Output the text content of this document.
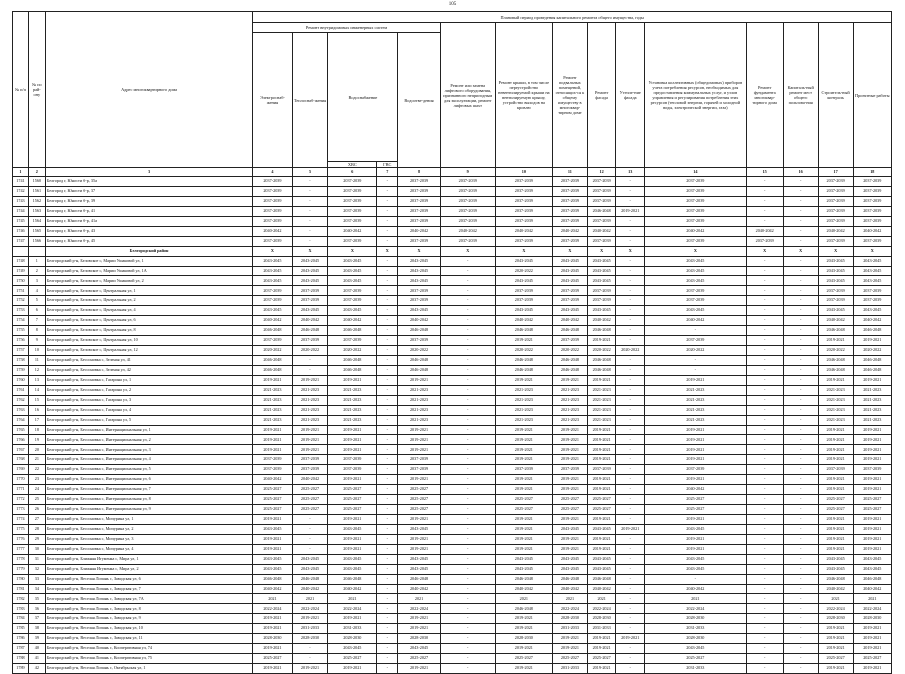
105
№ п/п	№ по рай-ону	Адрес многоквартирного дома	Плановый период проведения капитального ремонта общего имущества, годы														
			Ремонт внутридомовых инженерных систем					Ремонт или замена лифтового оборудования, признанного непригодным для эксплуатации, ремонт лифтовых шахт	Ремонт крыши, в том числе переустройство невентилируемой крыши на вентилируемую крышу, устройство выходов на кровлю	Ремонт подвальных помещений, относящих-ся к общему имуществу в многоквар-тирном доме	Ремонт фасада	Утепле-ние фасада	Установка коллективных (общедомовых) приборов учета потребления ресурсов, необходимых для предоставления коммунальных услуг, и узлов управления и регулирования потребления этих ресурсов (тепловой энергии, горячей и холодной воды, электрической энергии, газа)	Ремонт фундамента многоквар-тирного дома	Капиталь-ный ремонт мест общего пользова-ния	Строитель-ный контроль	Проектные работы
			Электроснаб-жения	Теплоснаб-жения	Водоснабжение		Водоотве-дения										
					ХВС	ГВС											
1	2	3	4	5	6	7	8	9	10	11	12	13	14	15	16	17	18
1741	1560	Белгород г, Юности б-р, 35а	2037-2039	-	2037-2039	-	2037-2039	2037-2039	2037-2039	2037-2039	2037-2039	-	2037-2039	-	-	2037-2039	2037-2039
1742	1561	Белгород г, Юности б-р, 37	2037-2039	-	2037-2039	-	2037-2039	2037-2039	2037-2039	2037-2039	2037-2039	-	2037-2039	-	-	2037-2039	2037-2039
1743	1562	Белгород г, Юности б-р, 39	2037-2039	-	2037-2039	-	2037-2039	2037-2039	2037-2039	2037-2039	2037-2039	-	2037-2039	-	-	2037-2039	2037-2039
1744	1563	Белгород г, Юности б-р, 41	2037-2039	-	2037-2039	-	2037-2039	2037-2039	2037-2039	2037-2039	2046-2048	2019-2021	2037-2039	-	-	2037-2039	2037-2039
1745	1564	Белгород г, Юности б-р, 41а	2037-2039	-	2037-2039	-	2037-2039	2037-2039	2037-2039	2037-2039	2037-2039	-	2037-2039	-	-	2037-2039	2037-2039
1746	1565	Белгород г, Юности б-р, 43	2040-2042	-	2040-2042	-	2040-2042	2040-2042	2040-2042	2040-2042	2040-2042	-	2040-2042	2040-2042	-	2040-2042	2040-2042
1747	1566	Белгород г, Юности б-р, 45	2037-2039	-	2037-2039	-	2037-2039	2037-2039	2037-2039	2037-2039	2037-2039	-	2037-2039	2037-2039	-	2037-2039	2037-2039
		Белгородский район	X	X	X	X	X	X	X	X	X	X	X	X	X	X	X
1748	1	Белгородский р-н, Беловское с, Марии Ушаковой ул, 1	2043-2045	2043-2045	2043-2045	-	2043-2045	-	2043-2045	2043-2045	2043-2045	-	2043-2045	-	-	2043-2045	2043-2045
1749	2	Белгородский р-н, Беловское с, Марии Ушаковой ул, 1А	2043-2045	2043-2045	2043-2045	-	2043-2045	-	2020-2022	2043-2045	2043-2045	-	2043-2045	-	-	2043-2045	2043-2045
1750	3	Белгородский р-н, Беловское с, Марии Ушаковой ул, 2	2043-2045	2043-2045	2043-2045	-	2043-2045	-	2043-2045	2043-2045	2043-2045	-	2043-2045	-	-	2043-2045	2043-2045
1751	4	Белгородский р-н, Беловское с, Центральная ул, 1	2037-2039	2037-2039	2037-2039	-	2037-2039	-	2037-2039	2037-2039	2037-2039	-	2037-2039	-	-	2037-2039	2037-2039
1752	5	Белгородский р-н, Беловское с, Центральная ул, 2	2037-2039	2037-2039	2037-2039	-	2037-2039	-	2037-2039	2037-2039	2037-2039	-	2037-2039	-	-	2037-2039	2037-2039
1753	6	Белгородский р-н, Беловское с, Центральная ул, 4	2043-2045	2043-2045	2043-2045	-	2043-2045	-	2043-2045	2043-2045	2043-2045	-	2043-2045	-	-	2043-2045	2043-2045
1754	7	Белгородский р-н, Беловское с, Центральная ул, 6	2040-2042	2040-2042	2040-2042	-	2040-2042	-	2040-2042	2040-2042	2040-2042	-	2040-2042	-	-	2040-2042	2040-2042
1755	8	Белгородский р-н, Беловское с, Центральная ул, 8	2046-2048	2046-2048	2046-2048	-	2046-2048	-	2046-2048	2046-2048	2046-2048	-	-	-	-	2046-2048	2046-2048
1756	9	Белгородский р-н, Беловское с, Центральная ул, 10	2037-2039	2037-2039	2037-2039	-	2037-2039	-	2019-2021	2037-2039	2019-2021	-	2037-2039	-	-	2019-2021	2019-2021
1757	10	Белгородский р-н, Беловское с, Центральная ул, 12	2020-2022	2020-2022	2020-2022	-	2020-2022	-	2020-2022	2020-2022	2020-2022	2020-2022	2020-2022	-	-	2020-2022	2020-2022
1758	11	Белгородский р-н, Бессоновка с, Зеленая ул, 41	2046-2048	-	2046-2048	-	2046-2048	-	2046-2048	2046-2048	2046-2048	-	-	-	-	2046-2048	2046-2048
1759	12	Белгородский р-н, Бессоновка с, Зеленая ул, 42	2046-2048	-	2046-2048	-	2046-2048	-	2046-2048	2046-2048	2046-2048	-	-	-	-	2046-2048	2046-2048
1760	13	Белгородский р-н, Бессоновка с, Гагарина ул, 1	2019-2021	2019-2021	2019-2021	-	2019-2021	-	2019-2021	2019-2021	2019-2021	-	2019-2021	-	-	2019-2021	2019-2021
1761	14	Белгородский р-н, Бессоновка с, Гагарина ул, 2	2021-2023	2021-2023	2021-2023	-	2021-2023	-	2021-2023	2021-2023	2021-2023	-	2021-2023	-	-	2021-2023	2021-2023
1762	15	Белгородский р-н, Бессоновка с, Гагарина ул, 3	2021-2023	2021-2023	2021-2023	-	2021-2023	-	2021-2023	2021-2023	2021-2023	-	2021-2023	-	-	2021-2023	2021-2023
1763	16	Белгородский р-н, Бессоновка с, Гагарина ул, 4	2021-2023	2021-2023	2021-2023	-	2021-2023	-	2021-2023	2021-2023	2021-2023	-	2021-2023	-	-	2021-2023	2021-2023
1764	17	Белгородский р-н, Бессоновка с, Гагарина ул, 5	2021-2023	2021-2023	2021-2023	-	2021-2023	-	2021-2023	2021-2023	2021-2023	-	2021-2023	-	-	2021-2023	2021-2023
1765	18	Белгородский р-н, Бессоновка с, Интернациональная ул, 1	2019-2021	2019-2021	2019-2021	-	2019-2021	-	2019-2021	2019-2021	2019-2021	-	2019-2021	-	-	2019-2021	2019-2021
1766	19	Белгородский р-н, Бессоновка с, Интернациональная ул, 2	2019-2021	2019-2021	2019-2021	-	2019-2021	-	2019-2021	2019-2021	2019-2021	-	2019-2021	-	-	2019-2021	2019-2021
1767	20	Белгородский р-н, Бессоновка с, Интернациональная ул, 3	2019-2021	2019-2021	2019-2021	-	2019-2021	-	2019-2021	2019-2021	2019-2021	-	2019-2021	-	-	2019-2021	2019-2021
1768	21	Белгородский р-н, Бессоновка с, Интернациональная ул, 4	2037-2039	2037-2039	2037-2039	-	2037-2039	-	2019-2021	2019-2021	2019-2021	-	2019-2021	-	-	2019-2021	2019-2021
1769	22	Белгородский р-н, Бессоновка с, Интернациональная ул, 5	2037-2039	2037-2039	2037-2039	-	2037-2039	-	2037-2039	2037-2039	2037-2039	-	2037-2039	-	-	2037-2039	2037-2039
1770	23	Белгородский р-н, Бессоновка с, Интернациональная ул, 6	2040-2042	2040-2042	2019-2021	-	2019-2021	-	2019-2021	2019-2021	2019-2021	-	2019-2021	-	-	2019-2021	2019-2021
1771	24	Белгородский р-н, Бессоновка с, Интернациональная ул, 7	2025-2027	2025-2027	2025-2027	-	2025-2027	-	2019-2021	2019-2021	2019-2021	-	2040-2042	-	-	2019-2021	2019-2021
1772	25	Белгородский р-н, Бессоновка с, Интернациональная ул, 8	2025-2027	2025-2027	2025-2027	-	2025-2027	-	2025-2027	2025-2027	2025-2027	-	2025-2027	-	-	2025-2027	2025-2027
1773	26	Белгородский р-н, Бессоновка с, Интернациональная ул, 9	2025-2027	2025-2027	2025-2027	-	2025-2027	-	2025-2027	2025-2027	2025-2027	-	2025-2027	-	-	2025-2027	2025-2027
1774	27	Белгородский р-н, Бессоновка с, Мичурина ул, 1	2019-2021	-	2019-2021	-	2019-2021	-	2019-2021	2019-2021	2019-2021	-	2019-2021	-	-	2019-2021	2019-2021
1775	28	Белгородский р-н, Бессоновка с, Мичурина ул, 2	2043-2045	-	2043-2045	-	2043-2045	-	2019-2021	2043-2045	2043-2045	2019-2021	2043-2045	-	-	2019-2021	2019-2021
1776	29	Белгородский р-н, Бессоновка с, Мичурина ул, 3	2019-2021	-	2019-2021	-	2019-2021	-	2019-2021	2019-2021	2019-2021	-	2019-2021	-	-	2019-2021	2019-2021
1777	30	Белгородский р-н, Бессоновка с, Мичурина ул, 4	2019-2021	-	2019-2021	-	2019-2021	-	2019-2021	2019-2021	2019-2021	-	2019-2021	-	-	2019-2021	2019-2021
1778	31	Белгородский р-н, Ближняя Игуменка с, Мира ул, 1	2043-2045	2043-2045	2043-2045	-	2043-2045	-	2043-2045	2043-2045	2043-2045	-	2043-2045	-	-	2043-2045	2043-2045
1779	32	Белгородский р-н, Ближняя Игуменка с, Мира ул, 2	2043-2045	2043-2045	2043-2045	-	2043-2045	-	2043-2045	2043-2045	2043-2045	-	2043-2045	-	-	2043-2045	2043-2045
1780	33	Белгородский р-н, Веселая Лопань с, Заводская ул, 6	2046-2048	2046-2048	2046-2048	-	2046-2048	-	2046-2048	2046-2048	2046-2048	-	-	-	-	2046-2048	2046-2048
1781	34	Белгородский р-н, Веселая Лопань с, Заводская ул, 7	2040-2042	2040-2042	2040-2042	-	2040-2042	-	2040-2042	2040-2042	2040-2042	-	2040-2042	-	-	2040-2042	2040-2042
1782	35	Белгородский р-н, Веселая Лопань с, Заводская ул, 7А	2021	2021	2021	-	2021	-	2021	2021	2021	-	2021	-	-	2021	2021
1783	36	Белгородский р-н, Веселая Лопань с, Заводская ул, 8	2022-2024	2022-2024	2022-2024	-	2022-2024	-	2046-2048	2022-2024	2022-2024	-	2022-2024	-	-	2022-2024	2022-2024
1784	37	Белгородский р-н, Веселая Лопань с, Заводская ул, 9	2019-2021	2019-2021	2019-2021	-	2019-2021	-	2019-2021	2028-2030	2028-2030	-	2028-2030	-	-	2028-2030	2028-2030
1785	38	Белгородский р-н, Веселая Лопань с, Заводская ул, 10	2019-2021	2031-2033	2031-2033	-	2019-2021	-	2019-2021	2031-2033	2031-2033	-	2031-2033	-	-	2019-2021	2019-2021
1786	39	Белгородский р-н, Веселая Лопань с, Заводская ул, 11	2028-2030	2028-2030	2028-2030	-	2028-2030	-	2028-2030	2019-2021	2019-2021	2019-2021	2028-2030	-	-	2019-2021	2019-2021
1787	40	Белгородский р-н, Веселая Лопань с, Кооперативная ул, 74	2019-2021	-	2043-2045	-	2043-2045	-	2019-2021	2019-2021	2019-2021	-	2043-2045	-	-	2019-2021	2019-2021
1788	41	Белгородский р-н, Веселая Лопань с, Кооперативная ул, 75	2025-2027	-	2025-2027	-	2025-2027	-	2025-2027	2025-2027	2025-2027	-	2025-2027	-	-	2025-2027	2025-2027
1789	42	Белгородский р-н, Веселая Лопань с, Октябрьская ул, 1	2019-2021	2019-2021	2019-2021	-	2019-2021	-	2019-2021	2031-2033	2019-2021	-	2031-2033	-	-	2019-2021	2019-2021
